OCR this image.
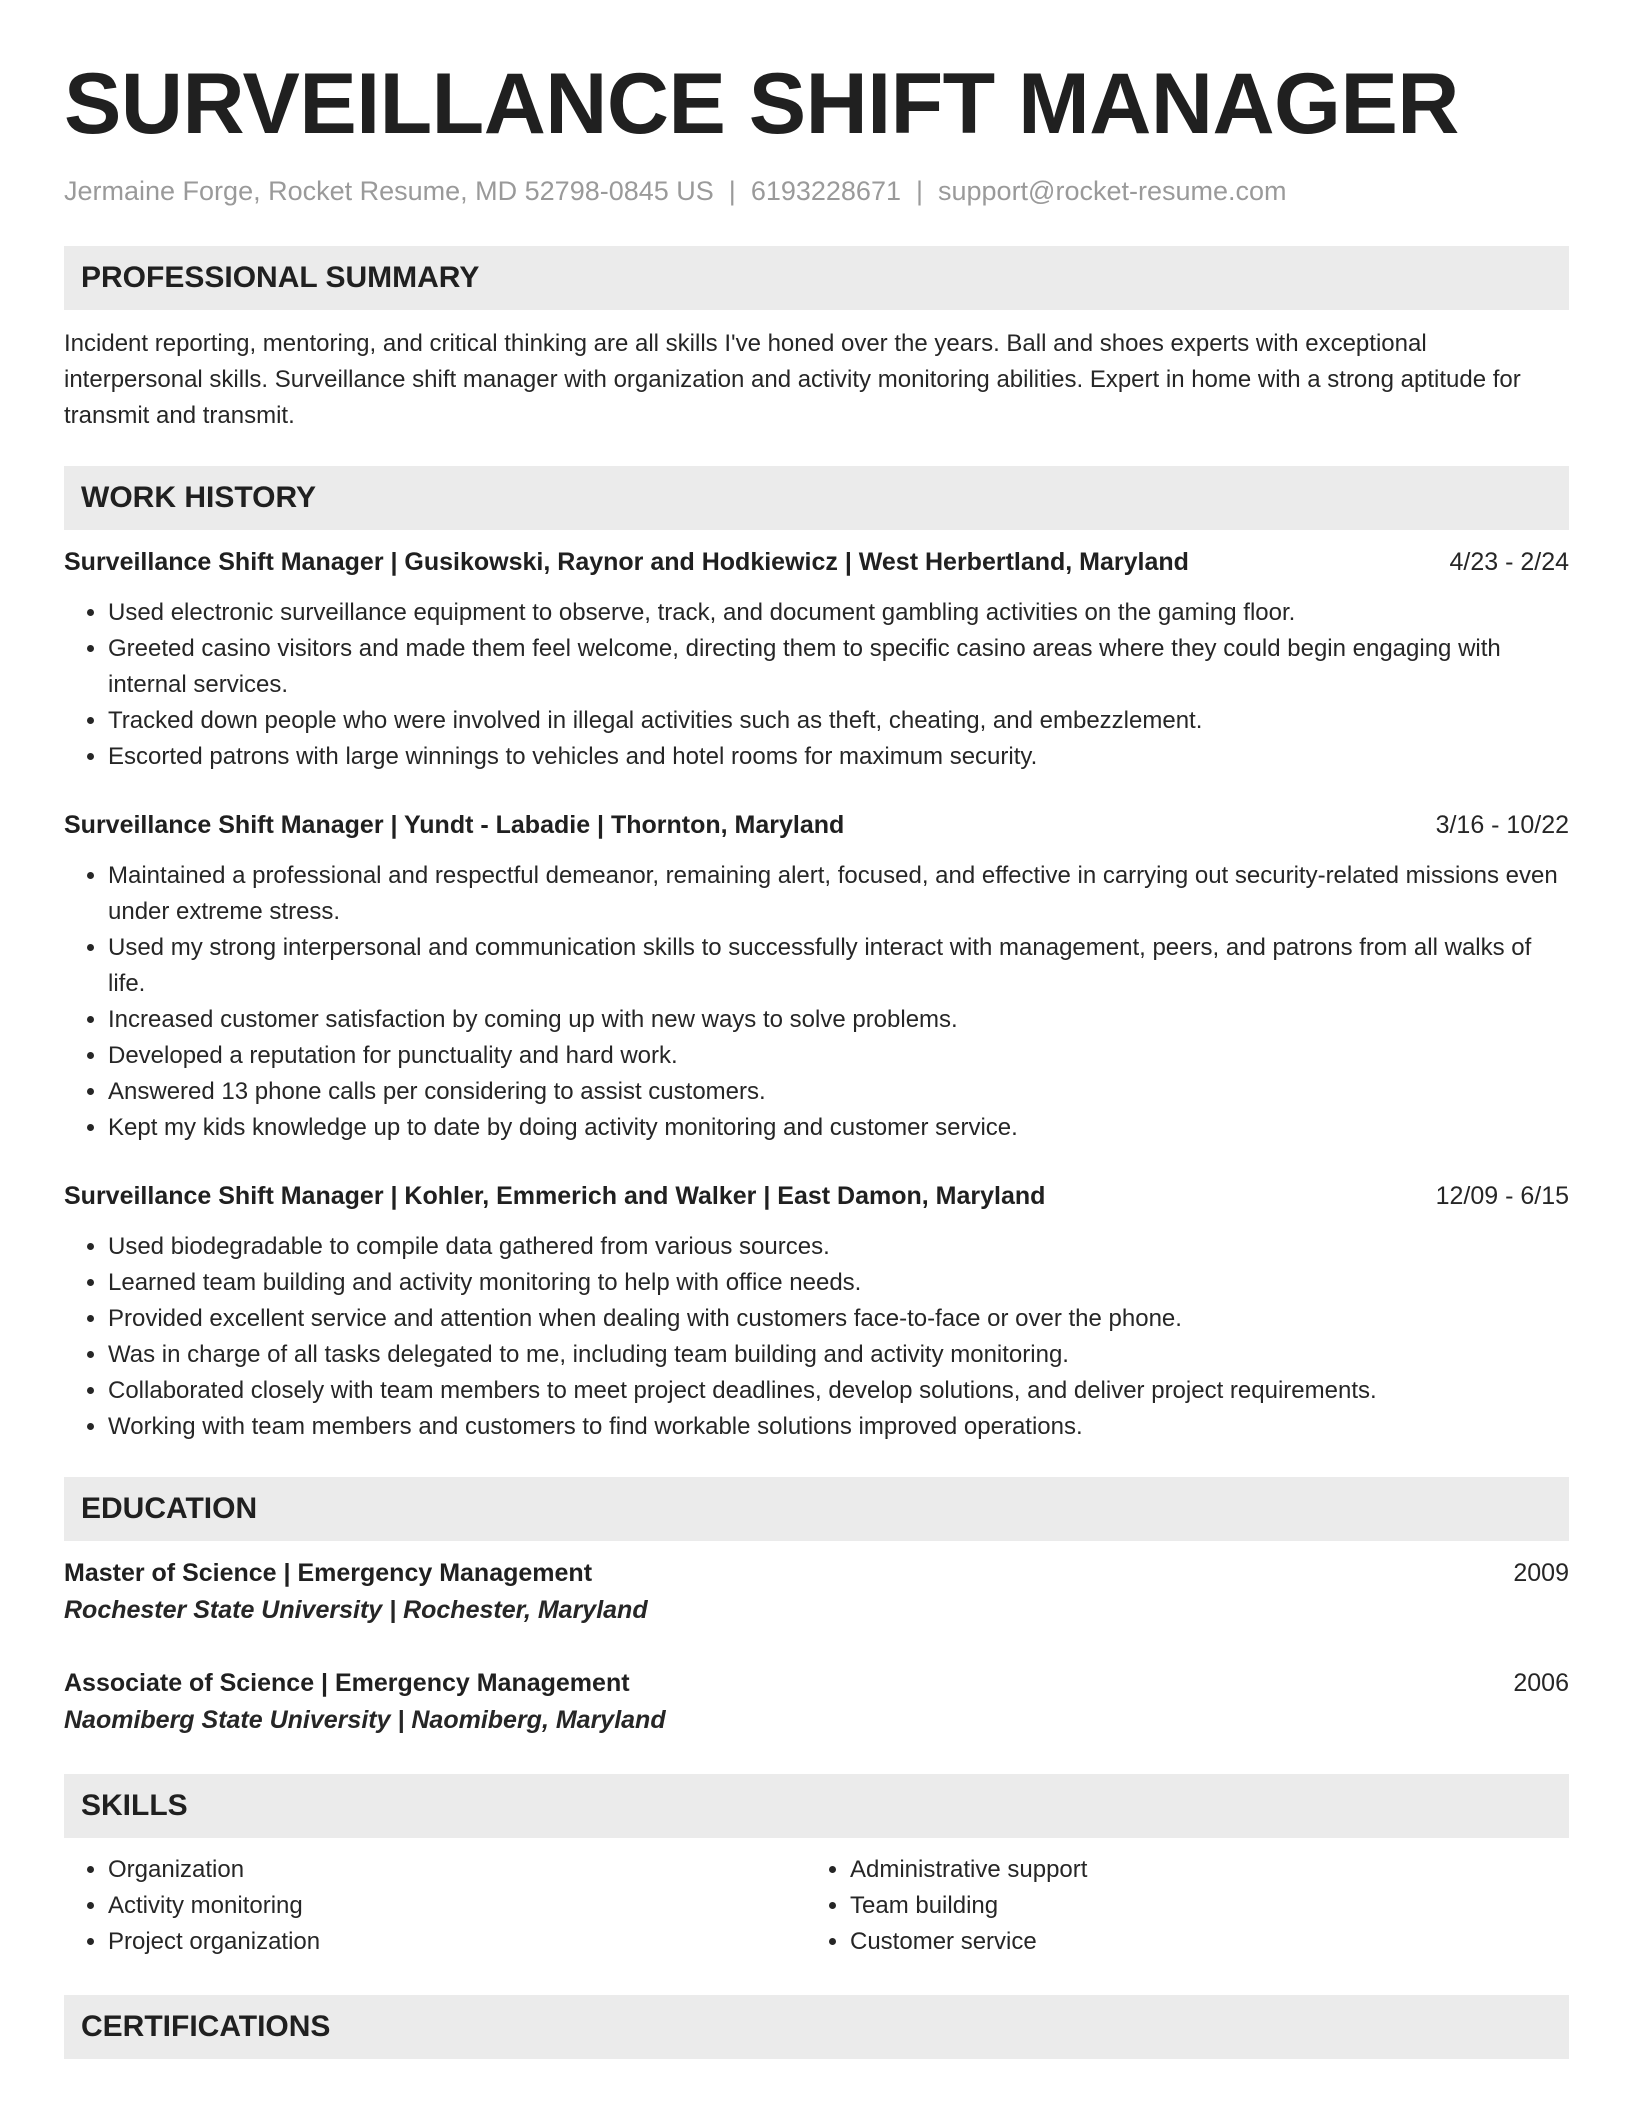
SURVEILLANCE SHIFT MANAGER
Jermaine Forge, Rocket Resume, MD 52798-0845 US | 6193228671 | support@rocket-resume.com
PROFESSIONAL SUMMARY

Incident reporting, mentoring, and critical thinking are all skills I've honed over the years. Ball and shoes experts with exceptional interpersonal skills. Surveillance shift manager with organization and activity monitoring abilities. Expert in home with a strong aptitude for transmit and transmit.

WORK HISTORY
Surveillance Shift Manager | Gusikowski, Raynor and Hodkiewicz | West Herbertland, Maryland	4/23 - 2/24
• Used electronic surveillance equipment to observe, track, and document gambling activities on the gaming floor.
• Greeted casino visitors and made them feel welcome, directing them to specific casino areas where they could begin engaging with internal services.
• Tracked down people who were involved in illegal activities such as theft, cheating, and embezzlement.
• Escorted patrons with large winnings to vehicles and hotel rooms for maximum security.
Surveillance Shift Manager | Yundt - Labadie | Thornton, Maryland	3/16 - 10/22
• Maintained a professional and respectful demeanor, remaining alert, focused, and effective in carrying out security-related missions even under extreme stress.
• Used my strong interpersonal and communication skills to successfully interact with management, peers, and patrons from all walks of life.
• Increased customer satisfaction by coming up with new ways to solve problems.
• Developed a reputation for punctuality and hard work.
• Answered 13 phone calls per considering to assist customers.
• Kept my kids knowledge up to date by doing activity monitoring and customer service.
Surveillance Shift Manager | Kohler, Emmerich and Walker | East Damon, Maryland	12/09 - 6/15
• Used biodegradable to compile data gathered from various sources.
• Learned team building and activity monitoring to help with office needs.
• Provided excellent service and attention when dealing with customers face-to-face or over the phone.
• Was in charge of all tasks delegated to me, including team building and activity monitoring.
• Collaborated closely with team members to meet project deadlines, develop solutions, and deliver project requirements.
• Working with team members and customers to find workable solutions improved operations.
EDUCATION
Master of Science | Emergency Management	2009
Rochester State University | Rochester, Maryland
Associate of Science | Emergency Management	2006
Naomiberg State University | Naomiberg, Maryland
SKILLS
• Organization
• Activity monitoring
• Project organization
• Administrative support
• Team building
• Customer service
CERTIFICATIONS
